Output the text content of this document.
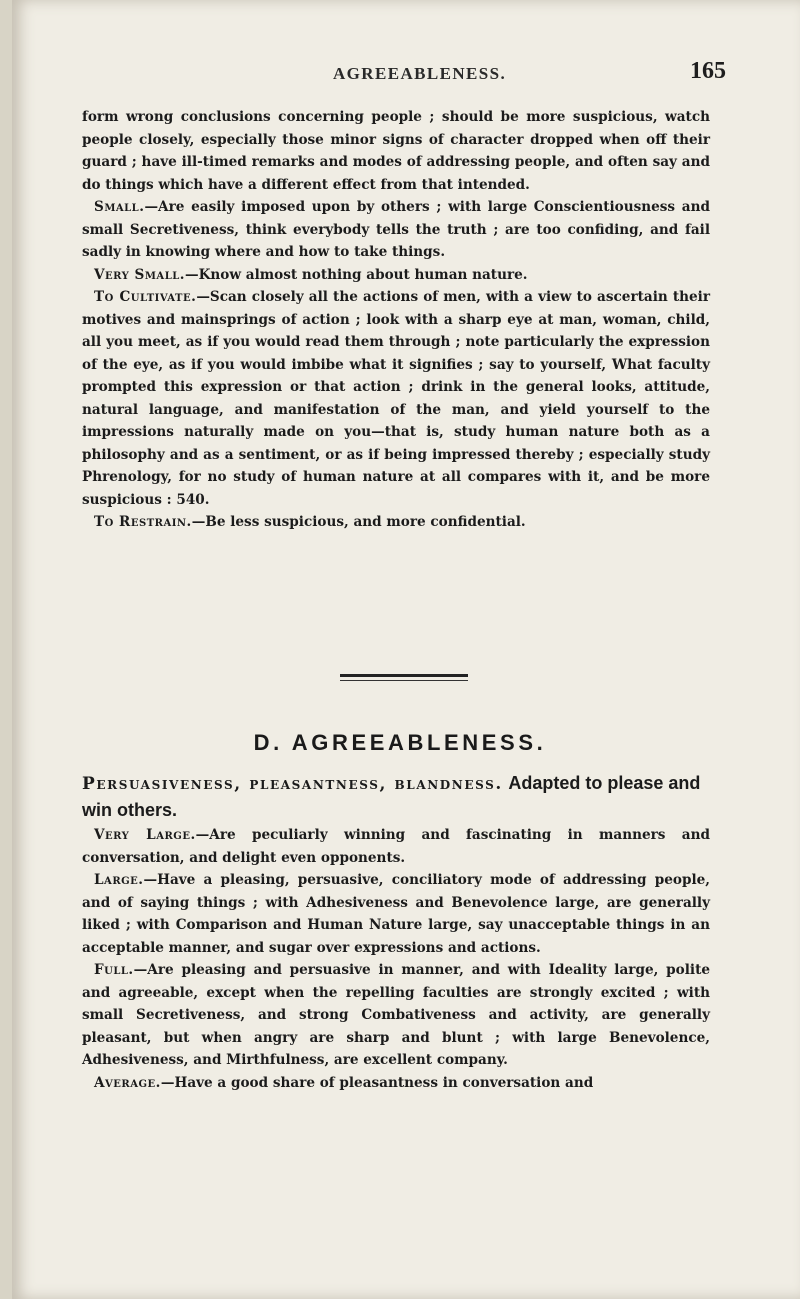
AGREEABLENESS.	165

form wrong conclusions concerning people ; should be more suspicious, watch people closely, especially those minor signs of character dropped when off their guard ; have ill-timed remarks and modes of addressing people, and often say and do things which have a different effect from that intended.

Small.—Are easily imposed upon by others ; with large Conscientiousness and small Secretiveness, think everybody tells the truth ; are too confiding, and fail sadly in knowing where and how to take things.

Very Small.—Know almost nothing about human nature.

To Cultivate.—Scan closely all the actions of men, with a view to ascertain their motives and mainsprings of action ; look with a sharp eye at man, woman, child, all you meet, as if you would read them through ; note particularly the expression of the eye, as if you would imbibe what it signifies ; say to yourself, What faculty prompted this expression or that action ; drink in the general looks, attitude, natural language, and manifestation of the man, and yield yourself to the impressions naturally made on you—that is, study human nature both as a philosophy and as a sentiment, or as if being impressed thereby ; especially study Phrenology, for no study of human nature at all compares with it, and be more suspicious : 540.

To Restrain.—Be less suspicious, and more confidential.

D. AGREEABLENESS.
Persuasiveness, pleasantness, blandness. Adapted to please and win others.

Very Large.—Are peculiarly winning and fascinating in manners and conversation, and delight even opponents.

Large.—Have a pleasing, persuasive, conciliatory mode of addressing people, and of saying things ; with Adhesiveness and Benevolence large, are generally liked ; with Comparison and Human Nature large, say unacceptable things in an acceptable manner, and sugar over expressions and actions.

Full.—Are pleasing and persuasive in manner, and with Ideality large, polite and agreeable, except when the repelling faculties are strongly excited ; with small Secretiveness, and strong Combativeness and activity, are generally pleasant, but when angry are sharp and blunt ; with large Benevolence, Adhesiveness, and Mirthfulness, are excellent company.

Average.—Have a good share of pleasantness in conversation and
